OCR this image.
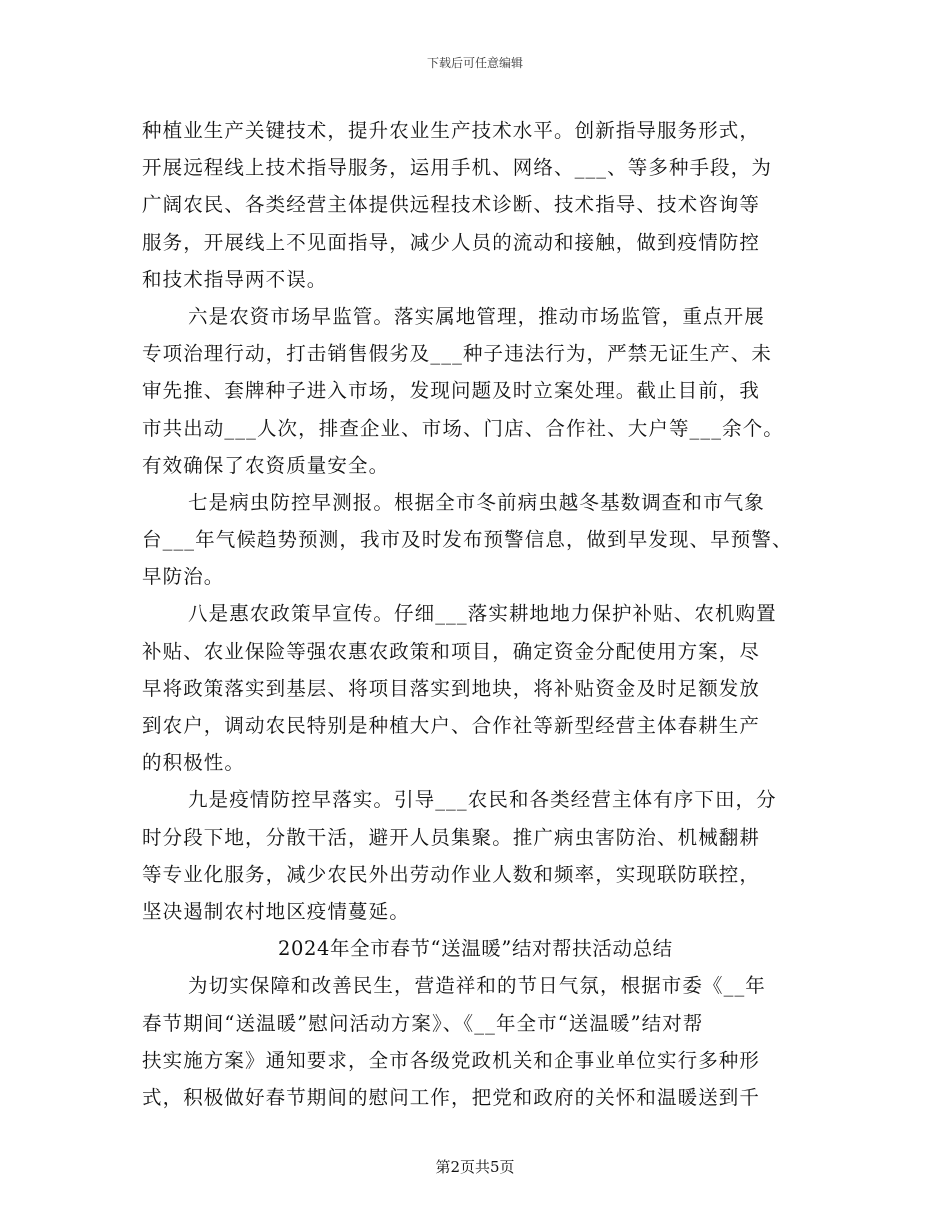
下载后可任意编辑
种植业生产关键技术，提升农业生产技术水平。创新指导服务形式，
开展远程线上技术指导服务，运用手机、网络、___、等多种手段，为
广阔农民、各类经营主体提供远程技术诊断、技术指导、技术咨询等
服务，开展线上不见面指导，减少人员的流动和接触，做到疫情防控
和技术指导两不误。
六是农资市场早监管。落实属地管理，推动市场监管，重点开展
专项治理行动，打击销售假劣及___种子违法行为，严禁无证生产、未
审先推、套牌种子进入市场，发现问题及时立案处理。截止目前，我
市共出动___人次，排查企业、市场、门店、合作社、大户等___余个。
有效确保了农资质量安全。
七是病虫防控早测报。根据全市冬前病虫越冬基数调查和市气象
台___年气候趋势预测，我市及时发布预警信息，做到早发现、早预警、
早防治。
八是惠农政策早宣传。仔细___落实耕地地力保护补贴、农机购置
补贴、农业保险等强农惠农政策和项目，确定资金分配使用方案，尽
早将政策落实到基层、将项目落实到地块，将补贴资金及时足额发放
到农户，调动农民特别是种植大户、合作社等新型经营主体春耕生产
的积极性。
九是疫情防控早落实。引导___农民和各类经营主体有序下田，分
时分段下地，分散干活，避开人员集聚。推广病虫害防治、机械翻耕
等专业化服务，减少农民外出劳动作业人数和频率，实现联防联控，
坚决遏制农村地区疫情蔓延。
2024年全市春节“送温暖”结对帮扶活动总结
为切实保障和改善民生，营造祥和的节日气氛，根据市委《__年
春节期间“送温暖”慰问活动方案》、《__年全市“送温暖”结对帮
扶实施方案》通知要求，全市各级党政机关和企事业单位实行多种形
式，积极做好春节期间的慰问工作，把党和政府的关怀和温暖送到千
第2页共5页
